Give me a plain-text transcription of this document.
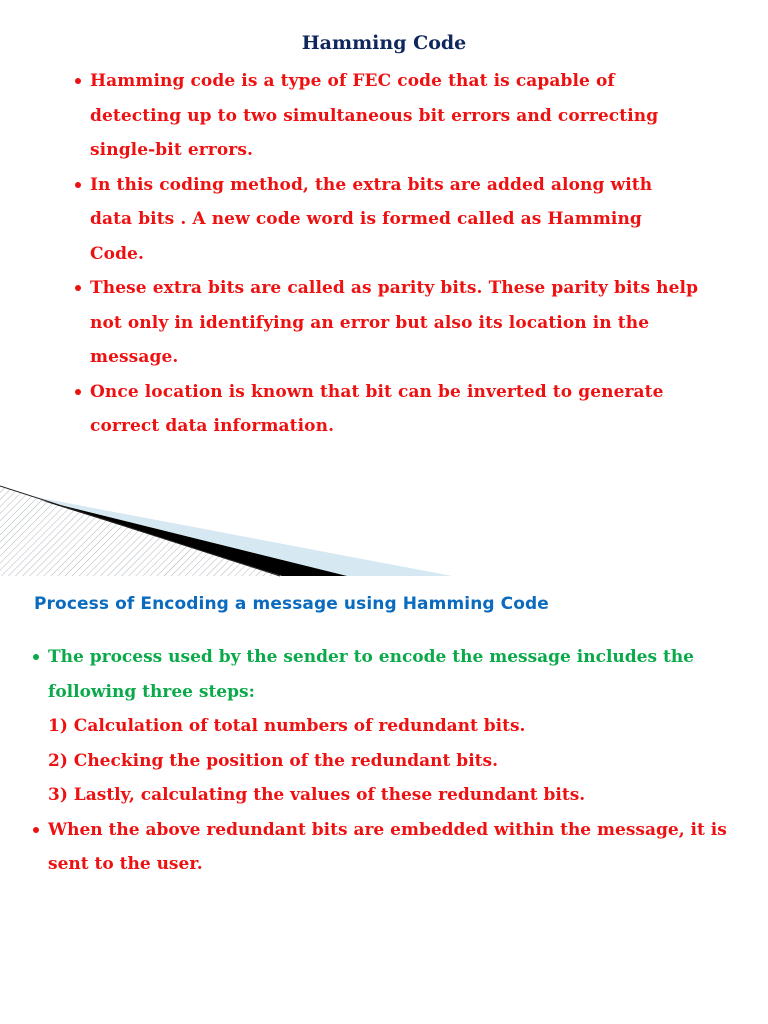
Hamming Code
Hamming code is a type of FEC code that is capable of detecting up to two simultaneous bit errors and correcting single-bit errors.
In this coding method, the extra bits are added along with data bits . A new code word is formed called as Hamming Code.
These extra bits are called as parity bits. These parity bits help not only in identifying an error but also its location in the message.
Once location is known that bit can be inverted to generate correct data information.
Process of Encoding a message using Hamming Code
The process used by the sender to encode the message includes the following three steps:
1) Calculation of total numbers of redundant bits.
2) Checking the position of the redundant bits.
3) Lastly, calculating the values of these redundant bits.
When the above redundant bits are embedded within the message, it is sent to the user.
